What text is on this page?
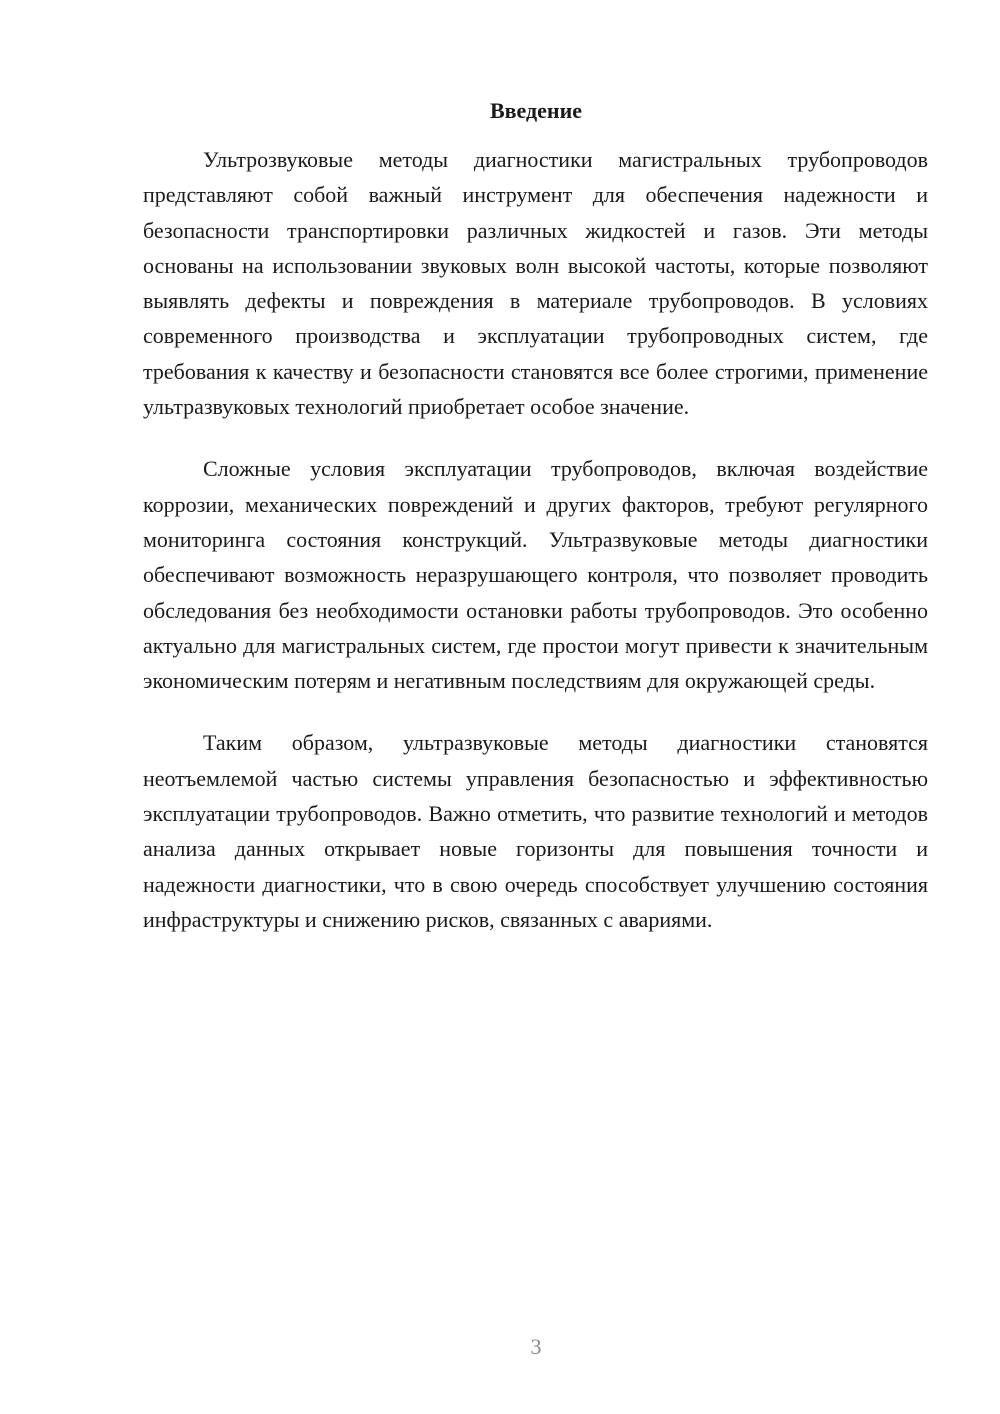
Введение

Ультрозвуковые методы диагностики магистральных трубопроводов представляют собой важный инструмент для обеспечения надежности и безопасности транспортировки различных жидкостей и газов. Эти методы основаны на использовании звуковых волн высокой частоты, которые позволяют выявлять дефекты и повреждения в материале трубопроводов. В условиях современного производства и эксплуатации трубопроводных систем, где требования к качеству и безопасности становятся все более строгими, применение ультразвуковых технологий приобретает особое значение.

Сложные условия эксплуатации трубопроводов, включая воздействие коррозии, механических повреждений и других факторов, требуют регулярного мониторинга состояния конструкций. Ультразвуковые методы диагностики обеспечивают возможность неразрушающего контроля, что позволяет проводить обследования без необходимости остановки работы трубопроводов. Это особенно актуально для магистральных систем, где простои могут привести к значительным экономическим потерям и негативным последствиям для окружающей среды.

Таким образом, ультразвуковые методы диагностики становятся неотъемлемой частью системы управления безопасностью и эффективностью эксплуатации трубопроводов. Важно отметить, что развитие технологий и методов анализа данных открывает новые горизонты для повышения точности и надежности диагностики, что в свою очередь способствует улучшению состояния инфраструктуры и снижению рисков, связанных с авариями.

3
